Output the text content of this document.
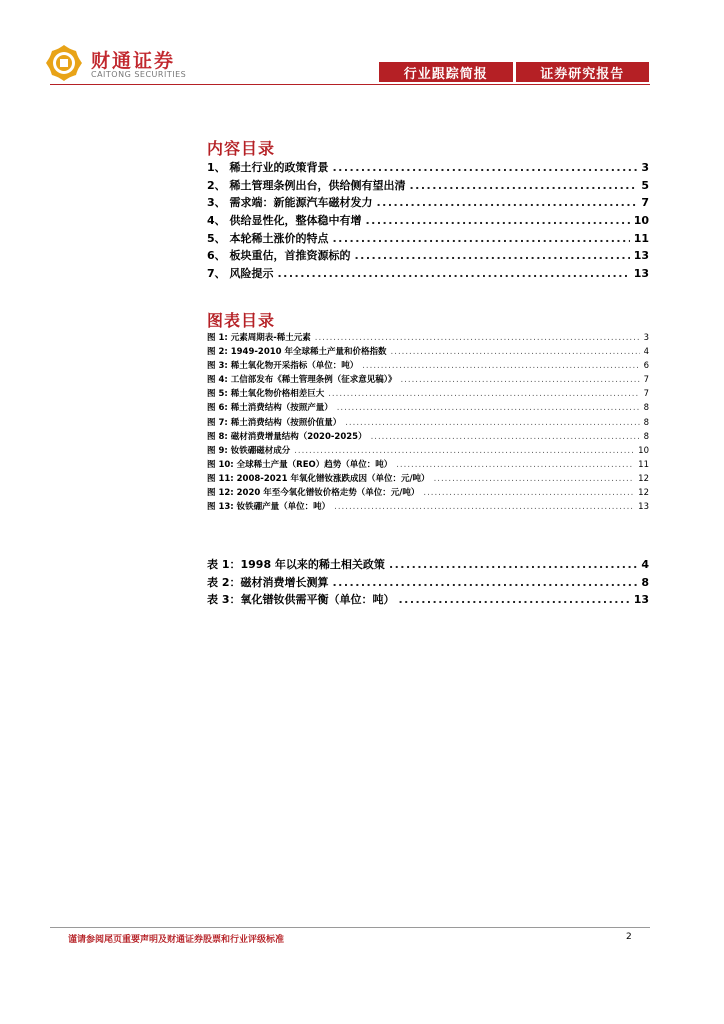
财通证券
CAITONG SECURITIES	行业跟踪简报	证券研究报告
内容目录
1、 稀土行业的政策背景 .....	3
2、 稀土管理条例出台，供给侧有望出清 .....	5
3、 需求端：新能源汽车磁材发力 .....	7
4、 供给显性化，整体稳中有增 .....	10
5、 本轮稀土涨价的特点 .....	11
6、 板块重估，首推资源标的 .....	13
7、 风险提示 .....	13
图表目录
图 1: 元素周期表-稀土元素 .....	3
图 2: 1949-2010 年全球稀土产量和价格指数 .....	4
图 3: 稀土氧化物开采指标（单位：吨） .....	6
图 4: 工信部发布《稀土管理条例（征求意见稿）》 .....	7
图 5: 稀土氧化物价格相差巨大 .....	7
图 6: 稀土消费结构（按照产量） .....	8
图 7: 稀土消费结构（按照价值量） .....	8
图 8: 磁材消费增量结构（2020-2025） .....	8
图 9: 钕铁硼磁材成分 .....	10
图 10: 全球稀土产量（REO）趋势（单位：吨） .....	11
图 11: 2008-2021 年氧化镨钕涨跌成因（单位：元/吨） .....	12
图 12: 2020 年至今氧化镨钕价格走势（单位：元/吨） .....	12
图 13: 钕铁硼产量（单位：吨） .....	13
表 1：1998 年以来的稀土相关政策 .....	4
表 2：磁材消费增长测算 .....	8
表 3：氧化镨钕供需平衡（单位：吨） .....	13
谨请参阅尾页重要声明及财通证券股票和行业评级标准	2
